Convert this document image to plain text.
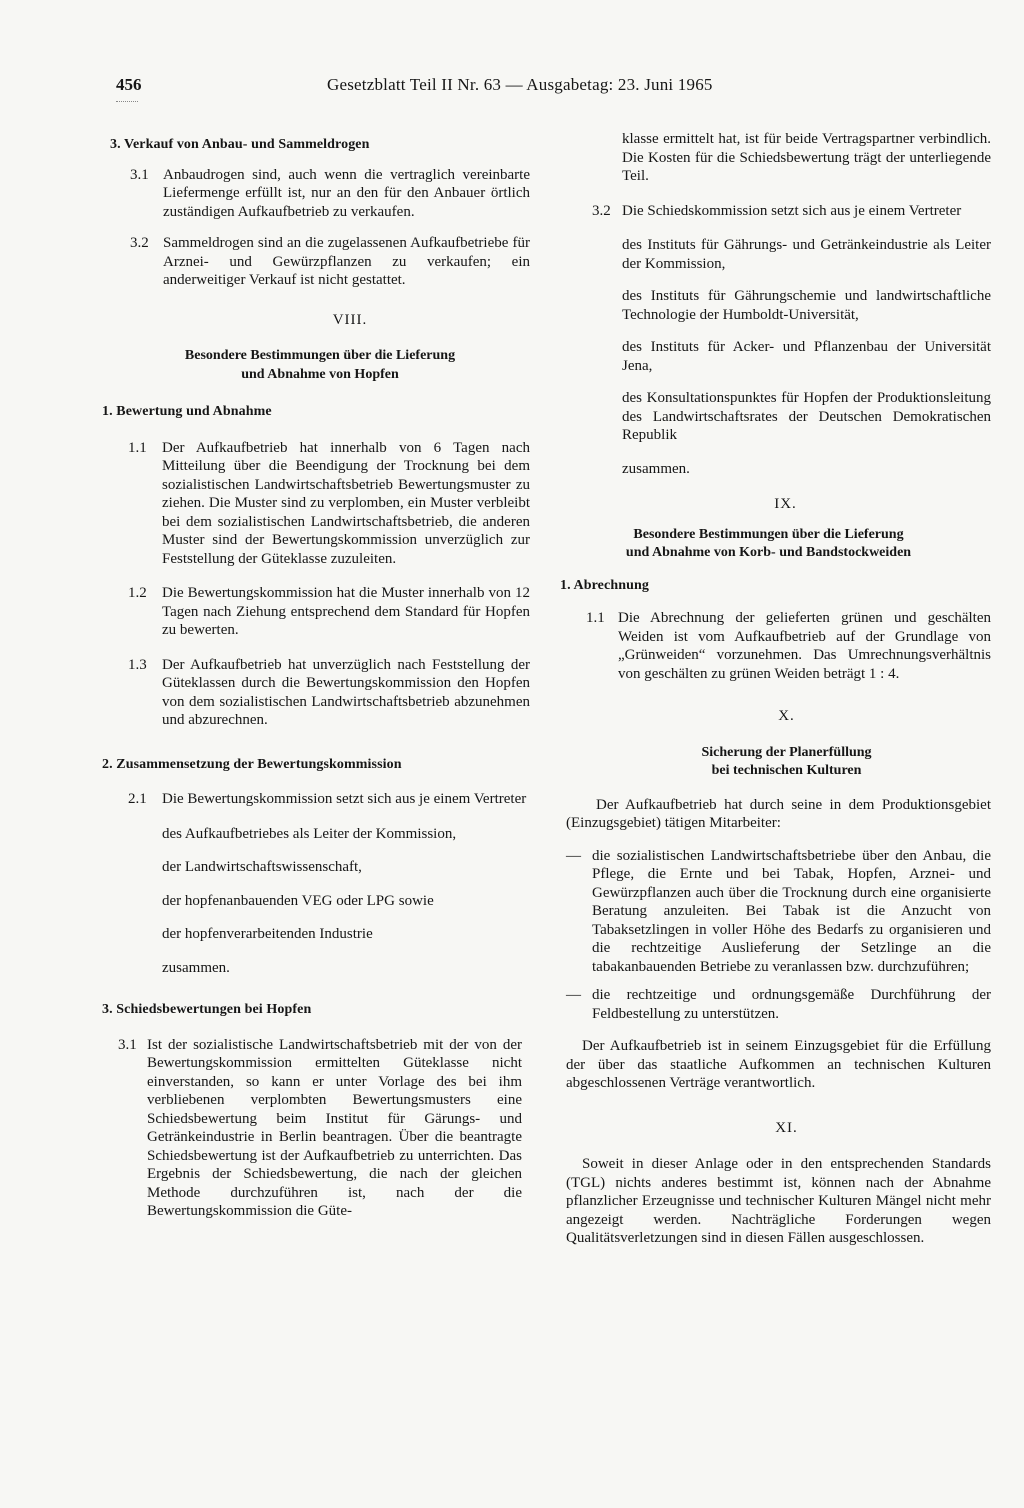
456	Gesetzblatt Teil II Nr. 63 — Ausgabetag: 23. Juni 1965
3. Verkauf von Anbau- und Sammeldrogen
3.1 Anbaudrogen sind, auch wenn die vertraglich vereinbarte Liefermenge erfüllt ist, nur an den für den Anbauer örtlich zuständigen Aufkaufbetrieb zu verkaufen.
3.2 Sammeldrogen sind an die zugelassenen Aufkaufbetriebe für Arznei- und Gewürzpflanzen zu verkaufen; ein anderweitiger Verkauf ist nicht gestattet.
VIII.
Besondere Bestimmungen über die Lieferung
und Abnahme von Hopfen
1. Bewertung und Abnahme
1.1	Der Aufkaufbetrieb hat innerhalb von 6 Tagen nach Mitteilung über die Beendigung der Trocknung bei dem sozialistischen Landwirtschaftsbetrieb Bewertungsmuster zu ziehen. Die Muster sind zu verplomben, ein Muster verbleibt bei dem sozialistischen Landwirtschaftsbetrieb, die anderen Muster sind der Bewertungskommission unverzüglich zur Feststellung der Güteklasse zuzuleiten.
1.2	Die Bewertungskommission hat die Muster innerhalb von 12 Tagen nach Ziehung entsprechend dem Standard für Hopfen zu bewerten.
1.3	Der Aufkaufbetrieb hat unverzüglich nach Feststellung der Güteklassen durch die Bewertungskommission den Hopfen von dem sozialistischen Landwirtschaftsbetrieb abzunehmen und abzurechnen.
2. Zusammensetzung der Bewertungskommission
2.1	Die Bewertungskommission setzt sich aus je einem Vertreter
des Aufkaufbetriebes als Leiter der Kommission,
der Landwirtschaftswissenschaft,
der hopfenanbauenden VEG oder LPG sowie
der hopfenverarbeitenden Industrie
zusammen.
3. Schiedsbewertungen bei Hopfen
3.1 Ist der sozialistische Landwirtschaftsbetrieb mit der von der Bewertungskommission ermittelten Güteklasse nicht einverstanden, so kann er unter Vorlage des bei ihm verbliebenen verplombten Bewertungsmusters eine Schiedsbewertung beim Institut für Gärungs- und Getränkeindustrie in Berlin beantragen. Über die beantragte Schiedsbewertung ist der Aufkaufbetrieb zu unterrichten. Das Ergebnis der Schiedsbewertung, die nach der gleichen Methode durchzuführen ist, nach der die Bewertungskommission die Güte-
klasse ermittelt hat, ist für beide Vertragspartner verbindlich. Die Kosten für die Schiedsbewertung trägt der unterliegende Teil.
3.2 Die Schiedskommission setzt sich aus je einem Vertreter
des Instituts für Gährungs- und Getränkeindustrie als Leiter der Kommission,
des Instituts für Gährungschemie und landwirtschaftliche Technologie der Humboldt-Universität,
des Instituts für Acker- und Pflanzenbau der Universität Jena,
des Konsultationspunktes für Hopfen der Produktionsleitung des Landwirtschaftsrates der Deutschen Demokratischen Republik
zusammen.
IX.
Besondere Bestimmungen über die Lieferung
und Abnahme von Korb- und Bandstockweiden
1. Abrechnung
1.1 Die Abrechnung der gelieferten grünen und geschälten Weiden ist vom Aufkaufbetrieb auf der Grundlage von „Grünweiden“ vorzunehmen. Das Umrechnungsverhältnis von geschälten zu grünen Weiden beträgt 1 : 4.
X.
Sicherung der Planerfüllung
bei technischen Kulturen
Der Aufkaufbetrieb hat durch seine in dem Produktionsgebiet (Einzugsgebiet) tätigen Mitarbeiter:
— die sozialistischen Landwirtschaftsbetriebe über den Anbau, die Pflege, die Ernte und bei Tabak, Hopfen, Arznei- und Gewürzpflanzen auch über die Trocknung durch eine organisierte Beratung anzuleiten. Bei Tabak ist die Anzucht von Tabaksetzlingen in voller Höhe des Bedarfs zu organisieren und die rechtzeitige Auslieferung der Setzlinge an die tabakanbauenden Betriebe zu veranlassen bzw. durchzuführen;
— die rechtzeitige und ordnungsgemäße Durchführung der Feldbestellung zu unterstützen.
Der Aufkaufbetrieb ist in seinem Einzugsgebiet für die Erfüllung der über das staatliche Aufkommen an technischen Kulturen abgeschlossenen Verträge verantwortlich.
XI.
Soweit in dieser Anlage oder in den entsprechenden Standards (TGL) nichts anderes bestimmt ist, können nach der Abnahme pflanzlicher Erzeugnisse und technischer Kulturen Mängel nicht mehr angezeigt werden. Nachträgliche Forderungen wegen Qualitätsverletzungen sind in diesen Fällen ausgeschlossen.
